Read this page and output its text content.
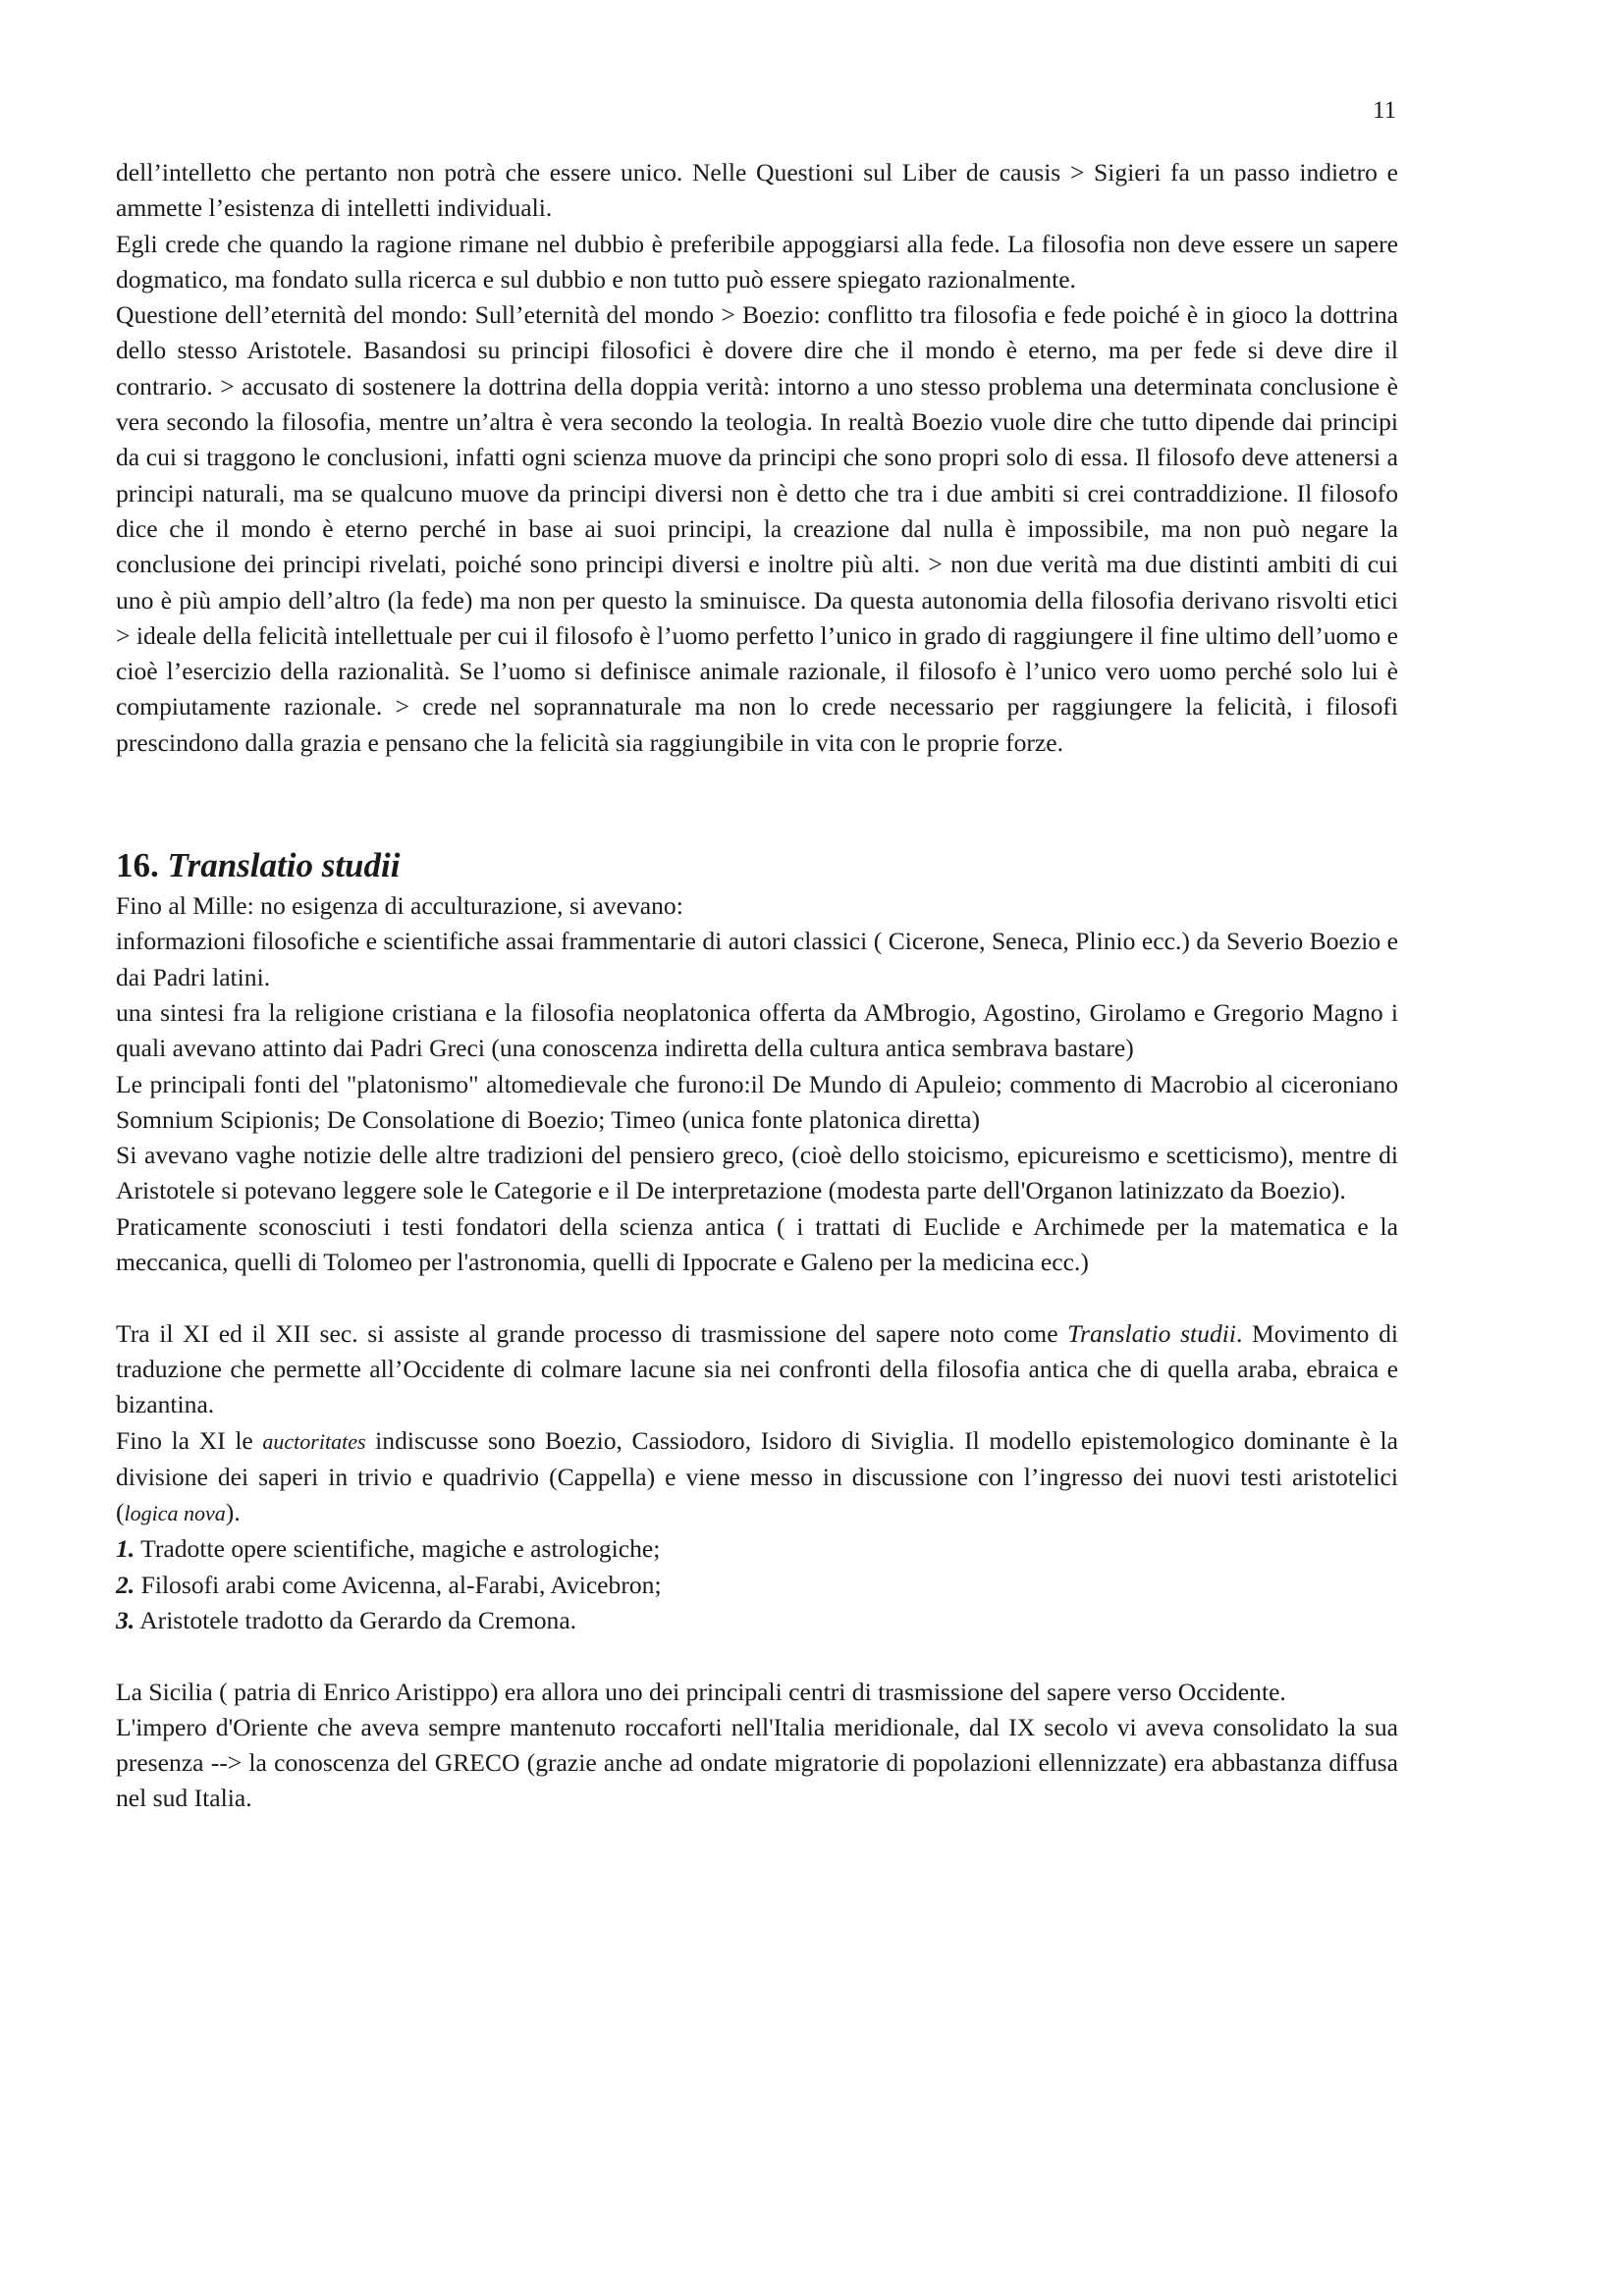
11

dell’intelletto che pertanto non potrà che essere unico. Nelle Questioni sul Liber de causis > Sigieri fa un passo indietro e ammette l’esistenza di intelletti individuali.

Egli crede che quando la ragione rimane nel dubbio è preferibile appoggiarsi alla fede. La filosofia non deve essere un sapere dogmatico, ma fondato sulla ricerca e sul dubbio e non tutto può essere spiegato razionalmente.

Questione dell’eternità del mondo: Sull’eternità del mondo > Boezio: conflitto tra filosofia e fede poiché è in gioco la dottrina dello stesso Aristotele. Basandosi su principi filosofici è dovere dire che il mondo è eterno, ma per fede si deve dire il contrario. > accusato di sostenere la dottrina della doppia verità: intorno a uno stesso problema una determinata conclusione è vera secondo la filosofia, mentre un’altra è vera secondo la teologia. In realtà Boezio vuole dire che tutto dipende dai principi da cui si traggono le conclusioni, infatti ogni scienza muove da principi che sono propri solo di essa. Il filosofo deve attenersi a principi naturali, ma se qualcuno muove da principi diversi non è detto che tra i due ambiti si crei contraddizione. Il filosofo dice che il mondo è eterno perché in base ai suoi principi, la creazione dal nulla è impossibile, ma non può negare la conclusione dei principi rivelati, poiché sono principi diversi e inoltre più alti. > non due verità ma due distinti ambiti di cui uno è più ampio dell’altro (la fede) ma non per questo la sminuisce. Da questa autonomia della filosofia derivano risvolti etici > ideale della felicità intellettuale per cui il filosofo è l’uomo perfetto l’unico in grado di raggiungere il fine ultimo dell’uomo e cioè l’esercizio della razionalità. Se l’uomo si definisce animale razionale, il filosofo è l’unico vero uomo perché solo lui è compiutamente razionale. > crede nel soprannaturale ma non lo crede necessario per raggiungere la felicità, i filosofi prescindono dalla grazia e pensano che la felicità sia raggiungibile in vita con le proprie forze.

16. Translatio studii

Fino al Mille: no esigenza di acculturazione, si avevano:

informazioni filosofiche e scientifiche assai frammentarie di autori classici ( Cicerone, Seneca, Plinio ecc.) da Severio Boezio e dai Padri latini.

una sintesi fra la religione cristiana e la filosofia neoplatonica offerta da AMbrogio, Agostino, Girolamo e Gregorio Magno i quali avevano attinto dai Padri Greci (una conoscenza indiretta della cultura antica sembrava bastare)

Le principali fonti del "platonismo" altomedievale che furono:il De Mundo di Apuleio; commento di Macrobio al ciceroniano Somnium Scipionis; De Consolatione di Boezio; Timeo (unica fonte platonica diretta)

Si avevano vaghe notizie delle altre tradizioni del pensiero greco, (cioè dello stoicismo, epicureismo e scetticismo), mentre di Aristotele si potevano leggere sole le Categorie e il De interpretazione (modesta parte dell'Organon latinizzato da Boezio).

Praticamente sconosciuti i testi fondatori della scienza antica ( i trattati di Euclide e Archimede per la matematica e la meccanica, quelli di Tolomeo per l'astronomia, quelli di Ippocrate e Galeno per la medicina ecc.)

Tra il XI ed il XII sec. si assiste al grande processo di trasmissione del sapere noto come Translatio studii. Movimento di traduzione che permette all’Occidente di colmare lacune sia nei confronti della filosofia antica che di quella araba, ebraica e bizantina.

Fino la XI le auctoritates indiscusse sono Boezio, Cassiodoro, Isidoro di Siviglia. Il modello epistemologico dominante è la divisione dei saperi in trivio e quadrivio (Cappella) e viene messo in discussione con l’ingresso dei nuovi testi aristotelici (logica nova).

1. Tradotte opere scientifiche, magiche e astrologiche;

2. Filosofi arabi come Avicenna, al-Farabi, Avicebron;

3. Aristotele tradotto da Gerardo da Cremona.

La Sicilia ( patria di Enrico Aristippo) era allora uno dei principali centri di trasmissione del sapere verso Occidente.

L'impero d'Oriente che aveva sempre mantenuto roccaforti nell'Italia meridionale, dal IX secolo vi aveva consolidato la sua presenza --> la conoscenza del GRECO (grazie anche ad ondate migratorie di popolazioni ellennizzate) era abbastanza diffusa nel sud Italia.
